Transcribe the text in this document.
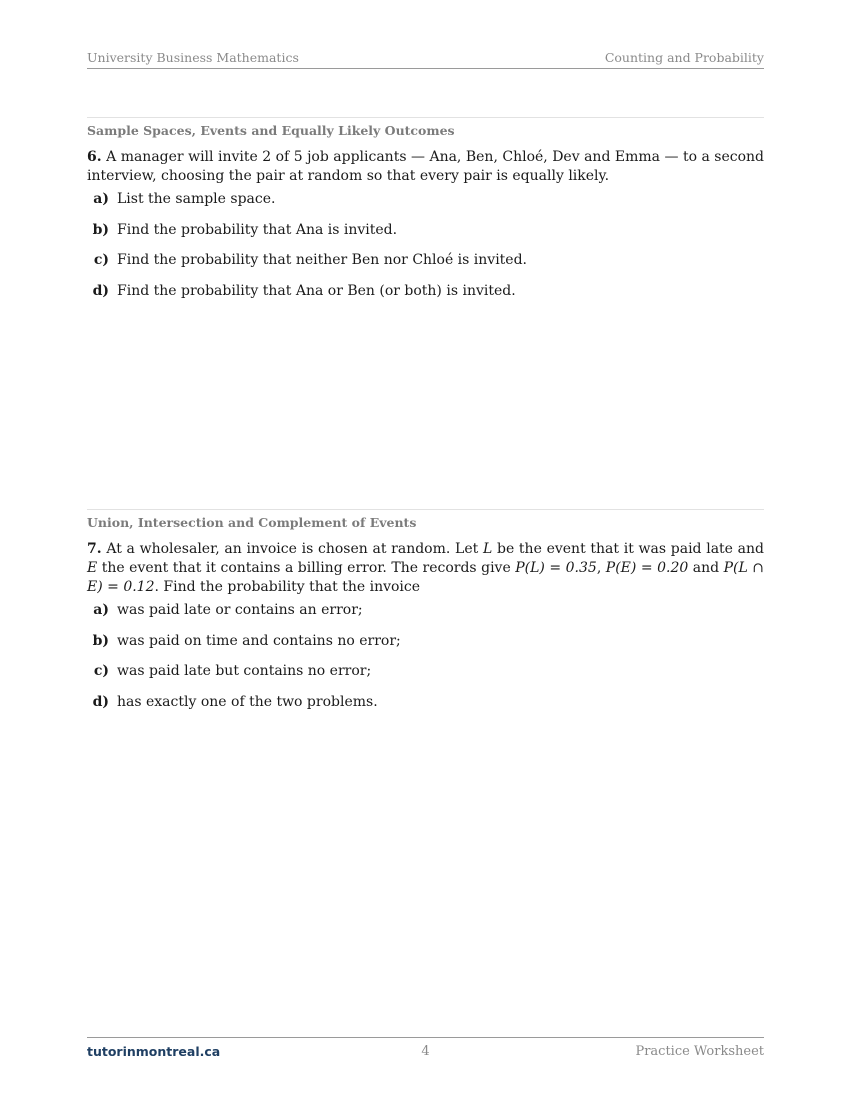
University Business Mathematics	Counting and Probability
Sample Spaces, Events and Equally Likely Outcomes
6. A manager will invite 2 of 5 job applicants — Ana, Ben, Chloé, Dev and Emma — to a second interview, choosing the pair at random so that every pair is equally likely.
a) List the sample space.
b) Find the probability that Ana is invited.
c) Find the probability that neither Ben nor Chloé is invited.
d) Find the probability that Ana or Ben (or both) is invited.
Union, Intersection and Complement of Events
7. At a wholesaler, an invoice is chosen at random. Let L be the event that it was paid late and E the event that it contains a billing error. The records give P(L) = 0.35, P(E) = 0.20 and P(L ∩ E) = 0.12. Find the probability that the invoice
a) was paid late or contains an error;
b) was paid on time and contains no error;
c) was paid late but contains no error;
d) has exactly one of the two problems.
tutorinmontreal.ca	4	Practice Worksheet
